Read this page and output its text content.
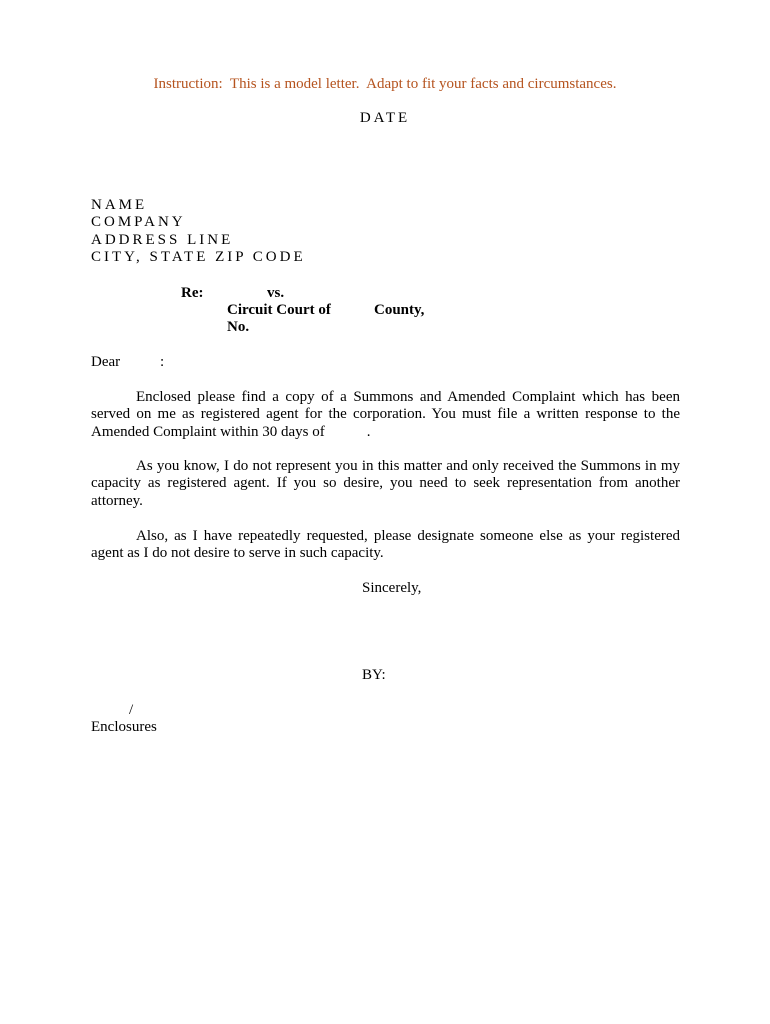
Instruction:  This is a model letter.  Adapt to fit your facts and circumstances.
DATE
NAME
COMPANY
ADDRESS LINE
CITY, STATE ZIP CODE
Re:	vs.
Circuit Court of	County,
No.
Dear	:
Enclosed please find a copy of a Summons and Amended Complaint which has been served on me as registered agent for the corporation. You must file a written response to the Amended Complaint within 30 days of	.
As you know, I do not represent you in this matter and only received the Summons in my capacity as registered agent. If you so desire, you need to seek representation from another attorney.
Also, as I have repeatedly requested, please designate someone else as your registered agent as I do not desire to serve in such capacity.
Sincerely,
BY:
/
Enclosures
